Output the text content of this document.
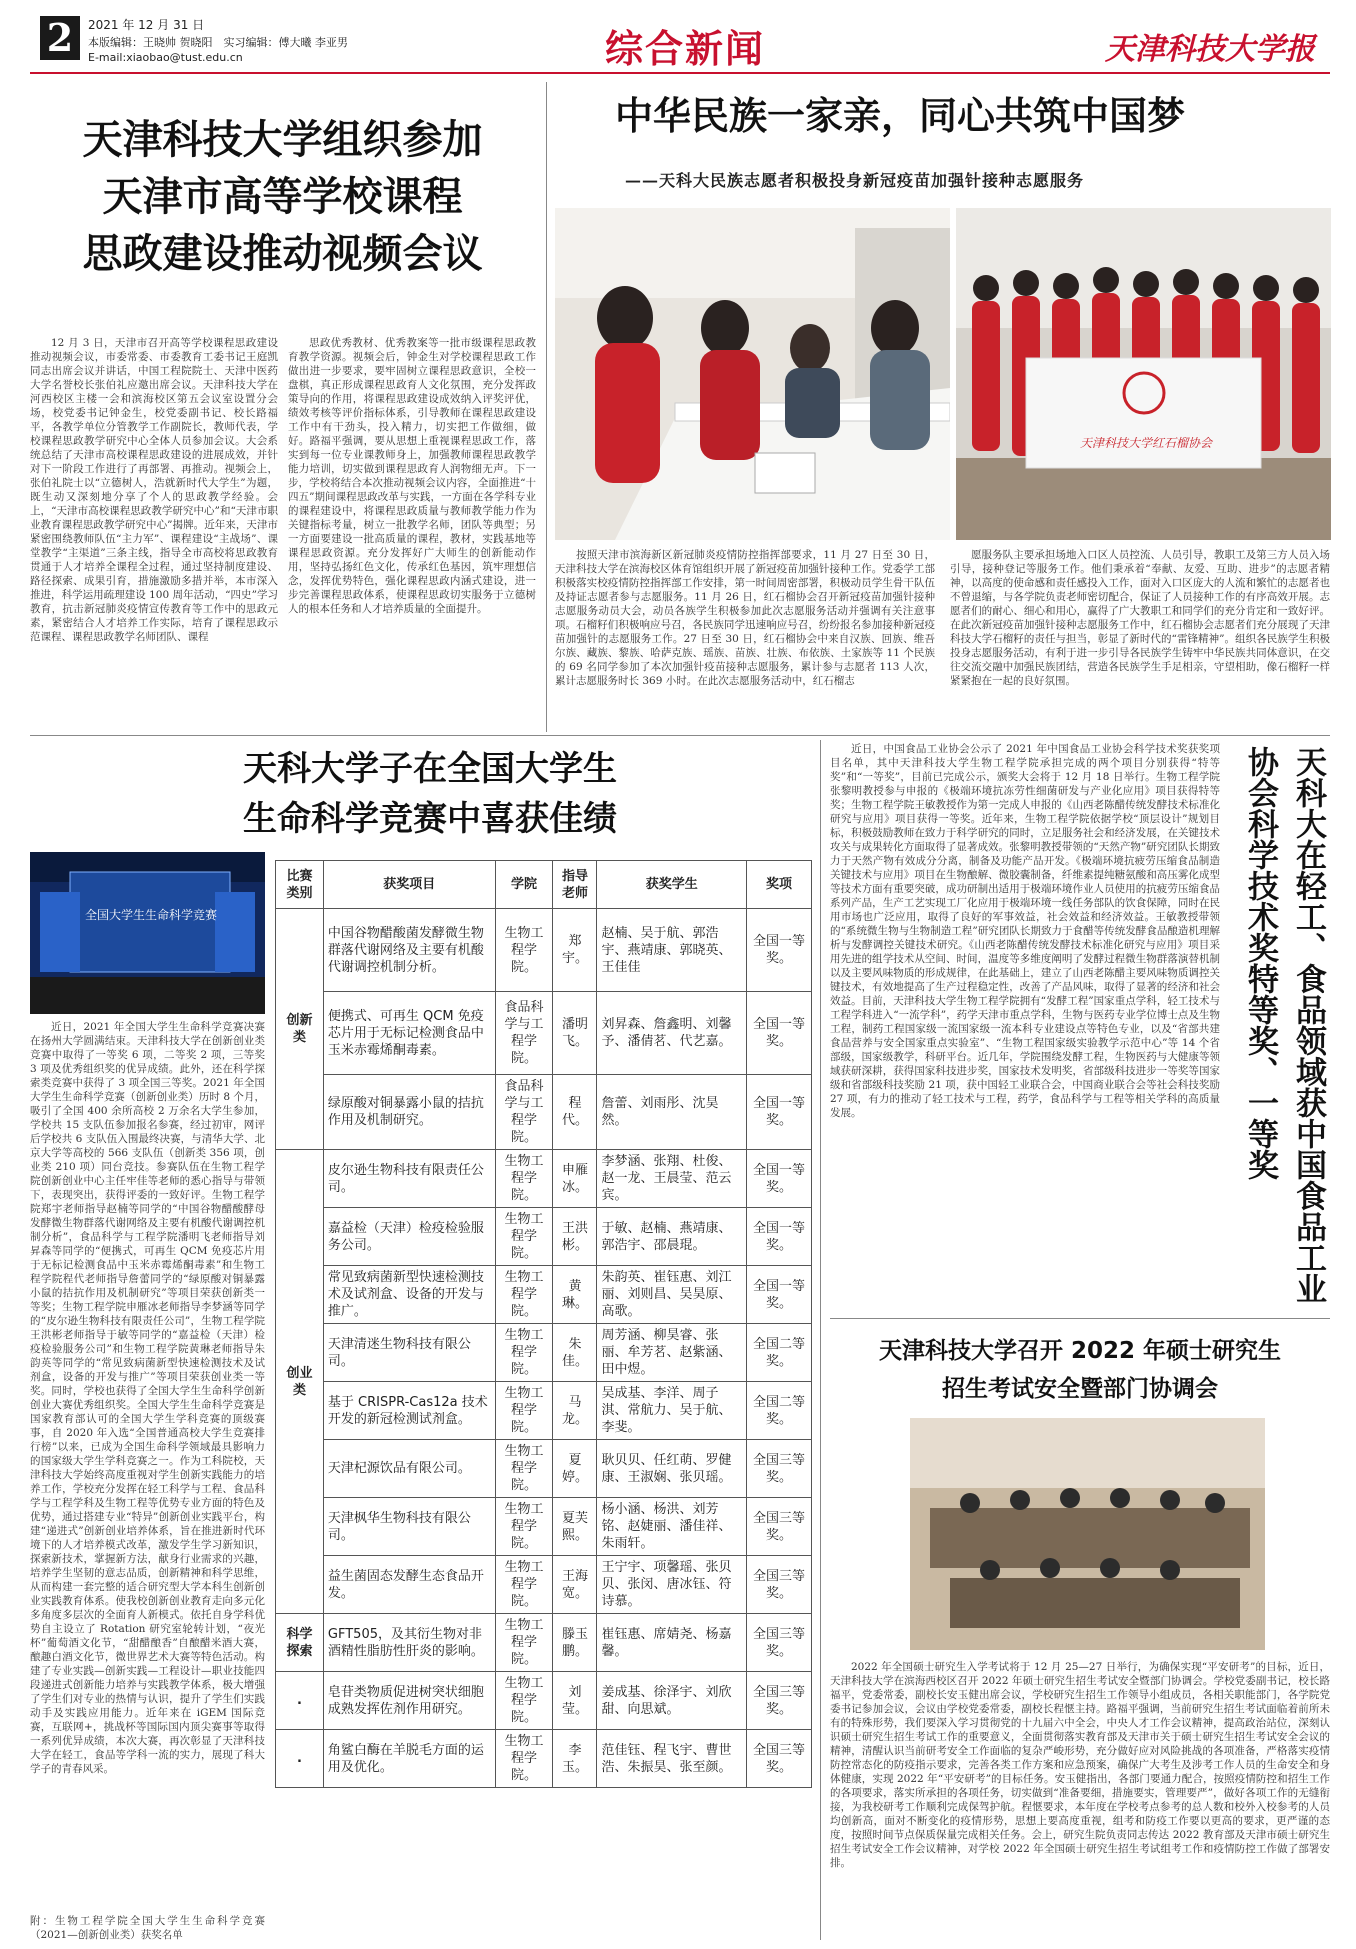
2	2021 年 12 月 31 日
本版编辑：王晓帅 贺晓阳　实习编辑：傅大曦 李亚男
E-mail:xiaobao@tust.edu.cn	综合新闻	天津科技大学报
天津科技大学组织参加
天津市高等学校课程
思政建设推动视频会议
12 月 3 日，天津市召开高等学校课程思政建设推动视频会议，市委常委、市委教育工委书记王庭凯同志出席会议并讲话，中国工程院院士、天津中医药大学名誉校长张伯礼应邀出席会议。天津科技大学在河西校区主楼一会和滨海校区第五会议室设置分会场，校党委书记钟金生，校党委副书记、校长路福平，各教学单位分管教学工作副院长，教师代表，学校课程思政教学研究中心全体人员参加会议。大会系统总结了天津市高校课程思政建设的进展成效，并针对下一阶段工作进行了再部署、再推动。视频会上，张伯礼院士以“立德树人，浩就新时代大学生”为题，既生动又深刻地分享了个人的思政教学经验。会上，“天津市高校课程思政教学研究中心”和“天津市职业教育课程思政教学研究中心”揭牌。近年来，天津市紧密围绕教师队伍“主力军”、课程建设“主战场”、课堂教学“主渠道”三条主线，指导全市高校将思政教育贯通于人才培养全课程全过程，通过坚持制度建设、路径探索、成果引育，措施激励多措并举，本市深入推进，科学运用疏理建设 100 周年活动，“四史”学习教育，抗击新冠肺炎疫情宣传教育等工作中的思政元素，紧密结合人才培养工作实际，培育了课程思政示范课程、课程思政教学名师团队、课程
思政优秀教材、优秀教案等一批市级课程思政教育教学资源。视频会后，钟金生对学校课程思政工作做出进一步要求，要牢固树立课程思政意识，全校一盘棋，真正形成课程思政育人文化氛围，充分发挥政策导向的作用，将课程思政建设成效纳入评奖评优，绩效考核等评价指标体系，引导教师在课程思政建设工作中有干劲头，投入精力，切实把工作做细，做好。路福平强调，要从思想上重视课程思政工作，落实到每一位专业课教师身上，加强教师课程思政教学能力培训，切实做到课程思政育人润物细无声。下一步，学校将结合本次推动视频会议内容，全面推进“十四五”期间课程思政改革与实践，一方面在各学科专业的课程建设中，将课程思政质量与教师教学能力作为关键指标考量，树立一批教学名师，团队等典型；另一方面要建设一批高质量的课程，教材，实践基地等课程思政资源。充分发挥好广大师生的创新能动作用，坚持弘扬红色文化，传承红色基因，筑牢理想信念，发挥优势特色，强化课程思政内涵式建设，进一步完善课程思政体系，使课程思政切实服务于立德树人的根本任务和人才培养质量的全面提升。
中华民族一家亲，同心共筑中国梦
——天科大民族志愿者积极投身新冠疫苗加强针接种志愿服务
天津科技大学红石榴协会
按照天津市滨海新区新冠肺炎疫情防控指挥部要求，11 月 27 日至 30 日，天津科技大学在滨海校区体育馆组织开展了新冠疫苗加强针接种工作。党委学工部积极落实校疫情防控指挥部工作安排，第一时间周密部署，积极动员学生骨干队伍及持证志愿者参与志愿服务。11 月 26 日，红石榴协会召开新冠疫苗加强针接种志愿服务动员大会，动员各族学生积极参加此次志愿服务活动并强调有关注意事项。石榴籽们积极响应号召，各民族同学迅速响应号召，纷纷报名参加接种新冠疫苗加强针的志愿服务工作。27 日至 30 日，红石榴协会中来自汉族、回族、维吾尔族、藏族、黎族、哈萨克族、瑶族、苗族、壮族、布依族、土家族等 11 个民族的 69 名同学参加了本次加强针疫苗接种志愿服务，累计参与志愿者 113 人次，累计志愿服务时长 369 小时。在此次志愿服务活动中，红石榴志
愿服务队主要承担场地入口区人员控流、人员引导，教职工及第三方人员入场引导，接种登记等服务工作。他们秉承着“奉献、友爱、互助、进步”的志愿者精神，以高度的使命感和责任感投入工作，面对入口区庞大的人流和繁忙的志愿者也不曾退缩，与各学院负责老师密切配合，保证了人员接种工作的有序高效开展。志愿者们的耐心、细心和用心，赢得了广大教职工和同学们的充分肯定和一致好评。在此次新冠疫苗加强针接种志愿服务工作中，红石榴协会志愿者们充分展现了天津科技大学石榴籽的责任与担当，彰显了新时代的“雷锋精神”。组织各民族学生积极投身志愿服务活动，有利于进一步引导各民族学生铸牢中华民族共同体意识，在交往交流交融中加强民族团结，营造各民族学生手足相亲，守望相助，像石榴籽一样紧紧抱在一起的良好氛围。
天科大学子在全国大学生
生命科学竞赛中喜获佳绩
全国大学生生命科学竞赛
近日，2021 年全国大学生生命科学竞赛决赛在扬州大学圆满结束。天津科技大学在创新创业类竞赛中取得了一等奖 6 项，二等奖 2 项，三等奖 3 项及优秀组织奖的优异成绩。此外，还在科学探索类竞赛中获得了 3 项全国三等奖。2021 年全国大学生生命科学竞赛（创新创业类）历时 8 个月，吸引了全国 400 余所高校 2 万余名大学生参加，学校共 15 支队伍参加报名参赛，经过初审，网评后学校共 6 支队伍入围最终决赛，与清华大学、北京大学等高校的 566 支队伍（创新类 356 项，创业类 210 项）同台竞技。参赛队伍在生物工程学院创新创业中心主任牢佳等老师的悉心指导与带领下，表现突出，获得评委的一致好评。生物工程学院郑宇老师指导赵楠等同学的“中国谷物醋酸酵母发酵微生物群落代谢网络及主要有机酸代谢调控机制分析”，食品科学与工程学院潘明飞老师指导刘昇森等同学的“便携式，可再生 QCM 免疫芯片用于无标记检测食品中玉米赤霉烯酮毒素”和生物工程学院程代老师指导詹蕾同学的“绿原酸对铜暴露小鼠的拮抗作用及机制研究”等项目荣获创新类一等奖；生物工程学院申雁冰老师指导李梦涵等同学的“皮尔逊生物科技有限责任公司”，生物工程学院王洪彬老师指导于敏等同学的“嘉益检（天津）检疫检验服务公司”和生物工程学院黄琳老师指导朱韵英等同学的“常见致病菌新型快速检测技术及试剂盒，设备的开发与推广”等项目荣获创业类一等奖。同时，学校也获得了全国大学生生命科学创新创业大赛优秀组织奖。全国大学生生命科学竞赛是国家教育部认可的全国大学生学科竞赛的顶级赛事，自 2020 年入选“全国普通高校大学生竞赛排行榜”以来，已成为全国生命科学领域最具影响力的国家级大学生学科竞赛之一。作为工科院校，天津科技大学始终高度重视对学生创新实践能力的培养工作，学校充分发挥在轻工科学与工程、食品科学与工程学科及生物工程等优势专业方面的特色及优势，通过搭建专业“特异”创新创业实践平台，构建“递进式”创新创业培养体系，旨在推进新时代环境下的人才培养模式改革，激发学生学习新知识，探索新技术，掌握新方法，献身行业需求的兴趣，培养学生坚韧的意志品质，创新精神和科学思维，从而构建一套完整的适合研究型大学本科生创新创业实践教育体系。使我校创新创业教育走向多元化多角度多层次的全面育人新模式。依托自身学科优势自主设立了 Rotation 研究室轮转计划，“夜光杯”葡萄酒文化节，“甜醋酿香”自酿醋米酒大赛，酿趣白酒文化节，微世界艺术大赛等特色活动。构建了专业实践—创新实践—工程设计—职业技能四段递进式创新能力培养与实践教学体系，极大增强了学生们对专业的热情与认识，提升了学生们实践动手及实践应用能力。近年来在 iGEM 国际竞赛，互联网+，挑战杯等国际国内顶尖赛事等取得一系列优异成绩，本次大赛，再次彰显了天津科技大学在轻工，食品等学科一流的实力，展现了科大学子的青春风采。
附：生物工程学院全国大学生生命科学竞赛（2021—创新创业类）获奖名单
比赛类别	获奖项目	学院	指导老师	获奖学生	奖项
创新类	中国谷物醋酸菌发酵微生物群落代谢网络及主要有机酸代谢调控机制分析。	生物工程学院。	郑宇。	赵楠、吴于航、郭浩宇、燕靖康、郭晓英、王佳佳	全国一等奖。
	便携式、可再生 QCM 免疫芯片用于无标记检测食品中玉米赤霉烯酮毒素。	食品科学与工程学院。	潘明飞。	刘昇森、詹鑫明、刘馨予、潘倩茗、代艺嘉。	全国一等奖。
	绿原酸对铜暴露小鼠的拮抗作用及机制研究。	食品科学与工程学院。	程代。	詹蕾、刘雨彤、沈昊然。	全国一等奖。
创业类	皮尔逊生物科技有限责任公司。	生物工程学院。	申雁冰。	李梦涵、张翔、杜俊、赵一龙、王晨莹、范云宾。	全国一等奖。
	嘉益检（天津）检疫检验服务公司。	生物工程学院。	王洪彬。	于敏、赵楠、燕靖康、郭浩宇、邵晨琨。	全国一等奖。
	常见致病菌新型快速检测技术及试剂盒、设备的开发与推广。	生物工程学院。	黄琳。	朱韵英、崔钰惠、刘江丽、刘则昌、吴昊原、高歌。	全国一等奖。
	天津清迷生物科技有限公司。	生物工程学院。	朱佳。	周芳涵、柳昊睿、张丽、牟芳茗、赵紫涵、田中煜。	全国二等奖。
	基于 CRISPR-Cas12a 技术开发的新冠检测试剂盒。	生物工程学院。	马龙。	吴成基、李洋、周子淇、常航力、吴于航、李斐。	全国二等奖。
	天津杞源饮品有限公司。	生物工程学院。	夏婷。	耿贝贝、任红萌、罗健康、王淑娴、张贝瑶。	全国三等奖。
	天津枫华生物科技有限公司。	生物工程学院。	夏芙熙。	杨小涵、杨洪、刘芳铭、赵婕丽、潘佳祥、朱雨轩。	全国三等奖。
	益生菌固态发酵生态食品开发。	生物工程学院。	王海宽。	王宁宇、项馨瑶、张贝贝、张闵、唐冰钰、符诗慕。	全国三等奖。
科学探索	GFT505，及其衍生物对非酒精性脂肪性肝炎的影响。	生物工程学院。	滕玉鹏。	崔钰惠、席婧尧、杨嘉馨。	全国三等奖。
.	皂苷类物质促进树突状细胞成熟发挥佐剂作用研究。	生物工程学院。	刘莹。	姜成基、徐泽宇、刘欣甜、向思斌。	全国三等奖。
.	角鲨白酶在羊脱毛方面的运用及优化。	生物工程学院。	李玉。	范佳钰、程飞宇、曹世浩、朱振昊、张至颜。	全国三等奖。
近日，中国食品工业协会公示了 2021 年中国食品工业协会科学技术奖获奖项目名单，其中天津科技大学生物工程学院承担完成的两个项目分别获得“特等奖”和“一等奖”，目前已完成公示，颁奖大会将于 12 月 18 日举行。生物工程学院张黎明教授参与申报的《极端环境抗冻劳性细菌研发与产业化应用》项目获得特等奖；生物工程学院王敏教授作为第一完成人申报的《山西老陈醋传统发酵技术标准化研究与应用》项目获得一等奖。近年来，生物工程学院依据学校“顶层设计”规划目标，积极鼓励教师在致力于科学研究的同时，立足服务社会和经济发展，在关键技术攻关与成果转化方面取得了显著成效。张黎明教授带领的“天然产物”研究团队长期致力于天然产物有效成分分离，制备及功能产品开发。《极端环境抗疲劳压缩食品制造关键技术与应用》项目在生物酿解、微胶囊制备，纤维素提纯糖氨酸和高压雾化成型等技术方面有重要突破，成功研制出适用于极端环境作业人员使用的抗疲劳压缩食品系列产品，生产工艺实现工厂化应用于极端环境一线任务部队的饮食保障，同时在民用市场也广泛应用，取得了良好的军事效益，社会效益和经济效益。王敏教授带领的“系统微生物与生物制造工程”研究团队长期致力于食醋等传统发酵食品酿造机理解析与发酵调控关键技术研究。《山西老陈醋传统发酵技术标准化研究与应用》项目采用先进的组学技术从空间、时间，温度等多维度阐明了发酵过程微生物群落演替机制以及主要风味物质的形成规律，在此基础上，建立了山西老陈醋主要风味物质调控关键技术，有效地提高了生产过程稳定性，改善了产品风味，取得了显著的经济和社会效益。目前，天津科技大学生物工程学院拥有“发酵工程”国家重点学科，轻工技术与工程学科进入“一流学科”，药学天津市重点学科，生物与医药专业学位博士点及生物工程，制药工程国家级一流国家级一流本科专业建设点等特色专业，以及“省部共建食品营养与安全国家重点实验室”、“生物工程国家级实验教学示范中心”等 14 个省部级，国家级教学，科研平台。近几年，学院围绕发酵工程，生物医药与大健康等领域获研深耕，获得国家科技进步奖，国家技术发明奖，省部级科技进步一等奖等国家级和省部级科技奖励 21 项，获中国轻工业联合会，中国商业联合会等社会科技奖励 27 项，有力的推动了轻工技术与工程，药学，食品科学与工程等相关学科的高质量发展。	天科大在轻工、食品领域获中国食品工业协会科学技术奖特等奖、一等奖
天津科技大学召开 2022 年硕士研究生
招生考试安全暨部门协调会
2022 年全国硕士研究生入学考试将于 12 月 25—27 日举行，为确保实现“平安研考”的目标，近日，天津科技大学在滨海西校区召开 2022 年硕士研究生招生考试安全暨部门协调会。学校党委副书记，校长路福平，党委常委，副校长安玉健出席会议，学校研究生招生工作领导小组成员，各相关职能部门，各学院党委书记参加会议，会议由学校党委常委，副校长程惬主持。路福平强调，当前研究生招生考试面临着前所未有的特殊形势，我们要深入学习贯彻党的十九届六中全会，中央人才工作会议精神，提高政治站位，深刻认识硕士研究生招生考试工作的重要意义，全面贯彻落实教育部及天津市关于硕士研究生招生考试安全会议的精神，清醒认识当前研考安全工作面临的复杂严峻形势，充分做好应对风险挑战的各项准备，严格落实疫情防控常态化的防疫指示要求，完善各类工作方案和应急预案，确保广大考生及涉考工作人员的生命安全和身体健康，实现 2022 年“平安研考”的目标任务。安玉健指出，各部门要通力配合，按照疫情防控和招生工作的各项要求，落实所承担的各项任务，切实做到“准备要细，措施要实，管理要严”，做好各项工作的无缝衔接，为我校研考工作顺利完成保驾护航。程惬要求，本年度在学校考点参考的总人数和校外入校参考的人员均创新高，面对不断变化的疫情形势，思想上要高度重视，组考和防疫工作要以更高的要求，更严谨的态度，按照时间节点保质保量完成相关任务。会上，研究生院负责同志传达 2022 教育部及天津市硕士研究生招生考试安全工作会议精神，对学校 2022 年全国硕士研究生招生考试组考工作和疫情防控工作做了部署安排。
